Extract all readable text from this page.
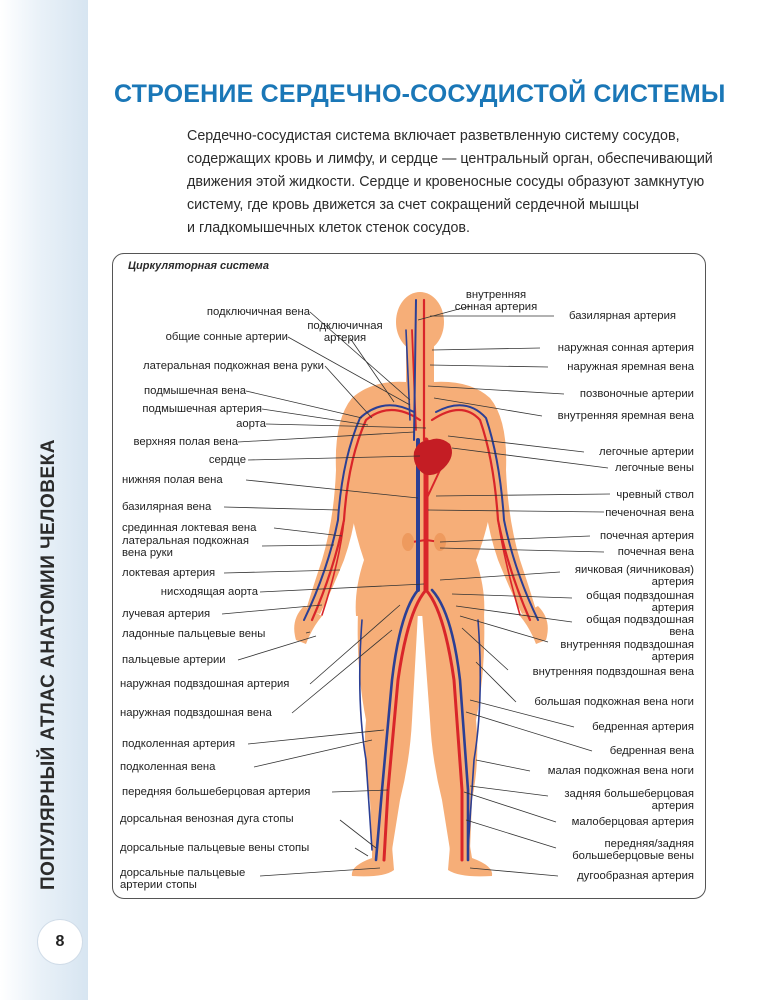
ПОПУЛЯРНЫЙ АТЛАС АНАТОМИИ ЧЕЛОВЕКА
8
СТРОЕНИЕ СЕРДЕЧНО-СОСУДИСТОЙ СИСТЕМЫ
Сердечно-сосудистая система включает разветвленную систему сосудов,
содержащих кровь и лимфу, и сердце — центральный орган, обеспечивающий
движения этой жидкости. Сердце и кровеносные сосуды образуют замкнутую
систему, где кровь движется за счет сокращений сердечной мышцы
и гладкомышечных клеток стенок сосудов.
Циркуляторная система
внутренняя
сонная артерия
подключичная
артерия
подключичная вена
общие сонные артерии
латеральная подкожная вена руки
подмышечная вена
подмышечная артерия
аорта
верхняя полая вена
сердце
нижняя полая вена
базилярная вена
срединная локтевая вена
латеральная подкожная
вена руки
локтевая артерия
нисходящая аорта
лучевая артерия
ладонные пальцевые вены
пальцевые артерии
наружная подвздошная артерия
наружная подвздошная вена
подколенная артерия
подколенная вена
передняя большеберцовая артерия
дорсальная венозная дуга стопы
дорсальные пальцевые вены стопы
дорсальные пальцевые
артерии стопы
базилярная артерия
наружная сонная артерия
наружная яремная вена
позвоночные артерии
внутренняя яремная вена
легочные артерии
легочные вены
чревный ствол
печеночная вена
почечная артерия
почечная вена
яичковая (яичниковая)
артерия
общая подвздошная
артерия
общая подвздошная
вена
внутренняя подвздошная
артерия
внутренняя подвздошная вена
большая подкожная вена ноги
бедренная артерия
бедренная вена
малая подкожная вена ноги
задняя большеберцовая
артерия
малоберцовая артерия
передняя/задняя
большеберцовые вены
дугообразная артерия
